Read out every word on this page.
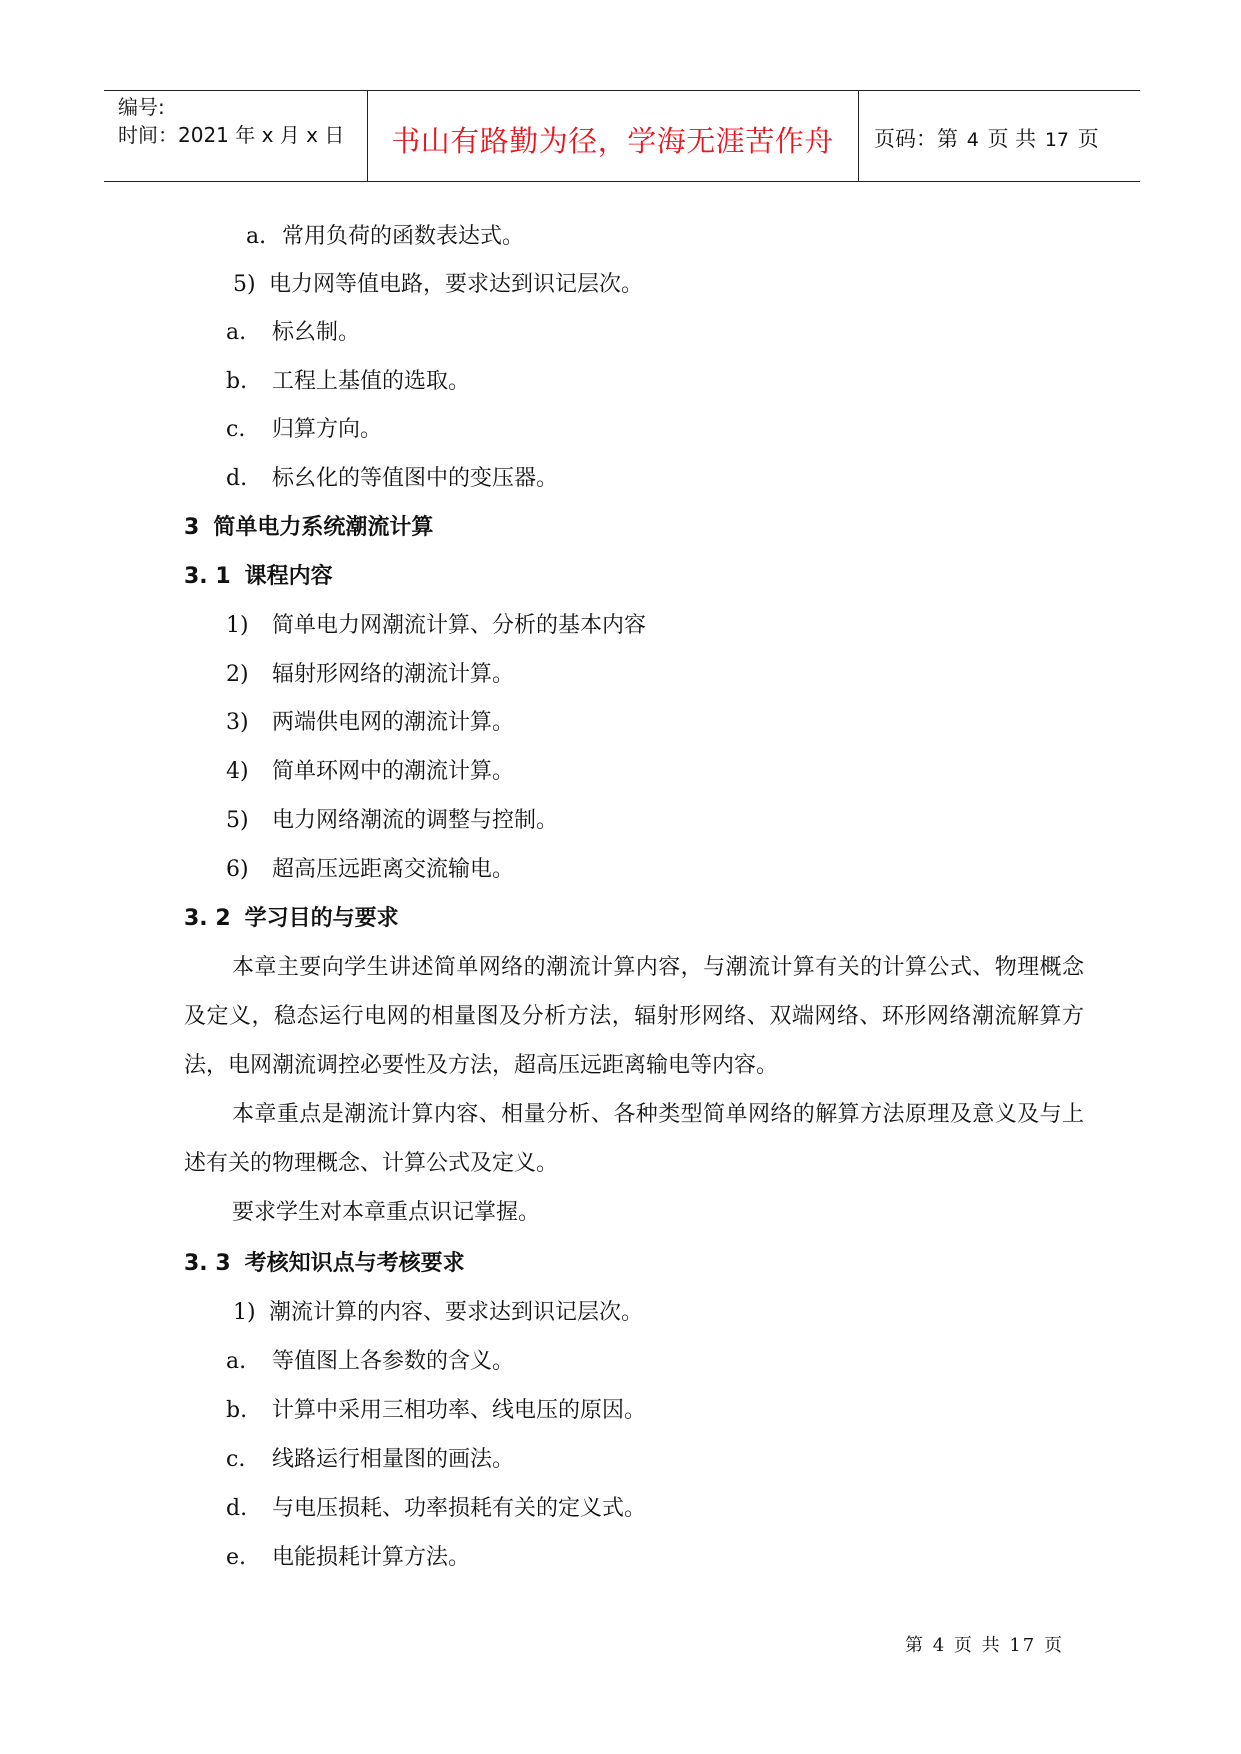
编号:
时间：2021 年 x 月 x 日	书山有路勤为径，学海无涯苦作舟	页码：第 4 页 共 17 页
a. 常用负荷的函数表达式。
5) 电力网等值电路，要求达到识记层次。
a. 标幺制。
b. 工程上基值的选取。
c. 归算方向。
d. 标幺化的等值图中的变压器。
3 简单电力系统潮流计算
3. 1 课程内容
1) 简单电力网潮流计算、分析的基本内容
2) 辐射形网络的潮流计算。
3) 两端供电网的潮流计算。
4) 简单环网中的潮流计算。
5) 电力网络潮流的调整与控制。
6) 超高压远距离交流输电。
3. 2 学习目的与要求
本章主要向学生讲述简单网络的潮流计算内容，与潮流计算有关的计算公式、物理概念及定义，稳态运行电网的相量图及分析方法，辐射形网络、双端网络、环形网络潮流解算方法，电网潮流调控必要性及方法，超高压远距离输电等内容。
本章重点是潮流计算内容、相量分析、各种类型简单网络的解算方法原理及意义及与上述有关的物理概念、计算公式及定义。
要求学生对本章重点识记掌握。
3. 3 考核知识点与考核要求
1) 潮流计算的内容、要求达到识记层次。
a. 等值图上各参数的含义。
b. 计算中采用三相功率、线电压的原因。
c. 线路运行相量图的画法。
d. 与电压损耗、功率损耗有关的定义式。
e. 电能损耗计算方法。
第 4 页 共 17 页
